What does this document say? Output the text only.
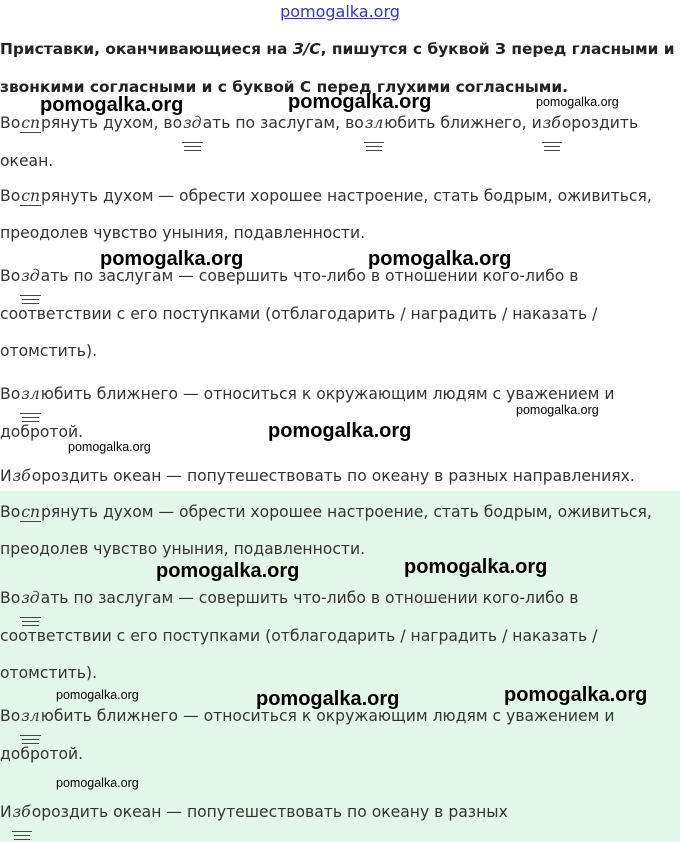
pomogalka.org

Приставки, оканчивающиеся на З/С, пишутся с буквой З перед гласными и звонкими согласными и с буквой С перед глухими согласными.

Воспрянуть духом, воздать по заслугам, возлюбить ближнего, избороздить океан.

Воспрянуть духом — обрести хорошее настроение, стать бодрым, оживиться, преодолев чувство уныния, подавленности.

Воздать по заслугам — совершить что-либо в отношении кого-либо в соответствии с его поступками (отблагодарить / наградить / наказать / отомстить).

Возлюбить ближнего — относиться к окружающим людям с уважением и добротой.

Избороздить океан — попутешествовать по океану в разных направлениях.

Воспрянуть духом — обрести хорошее настроение, стать бодрым, оживиться, преодолев чувство уныния, подавленности.

Воздать по заслугам — совершить что-либо в отношении кого-либо в соответствии с его поступками (отблагодарить / наградить / наказать / отомстить).

Возлюбить ближнего — относиться к окружающим людям с уважением и добротой.

Избороздить океан — попутешествовать по океану в разных

pomogalka.org	pomogalka.org	pomogalka.org
pomogalka.org	pomogalka.org
pomogalka.org
pomogalka.org
pomogalka.org
pomogalka.org	pomogalka.org
pomogalka.org	pomogalka.org	pomogalka.org
pomogalka.org
